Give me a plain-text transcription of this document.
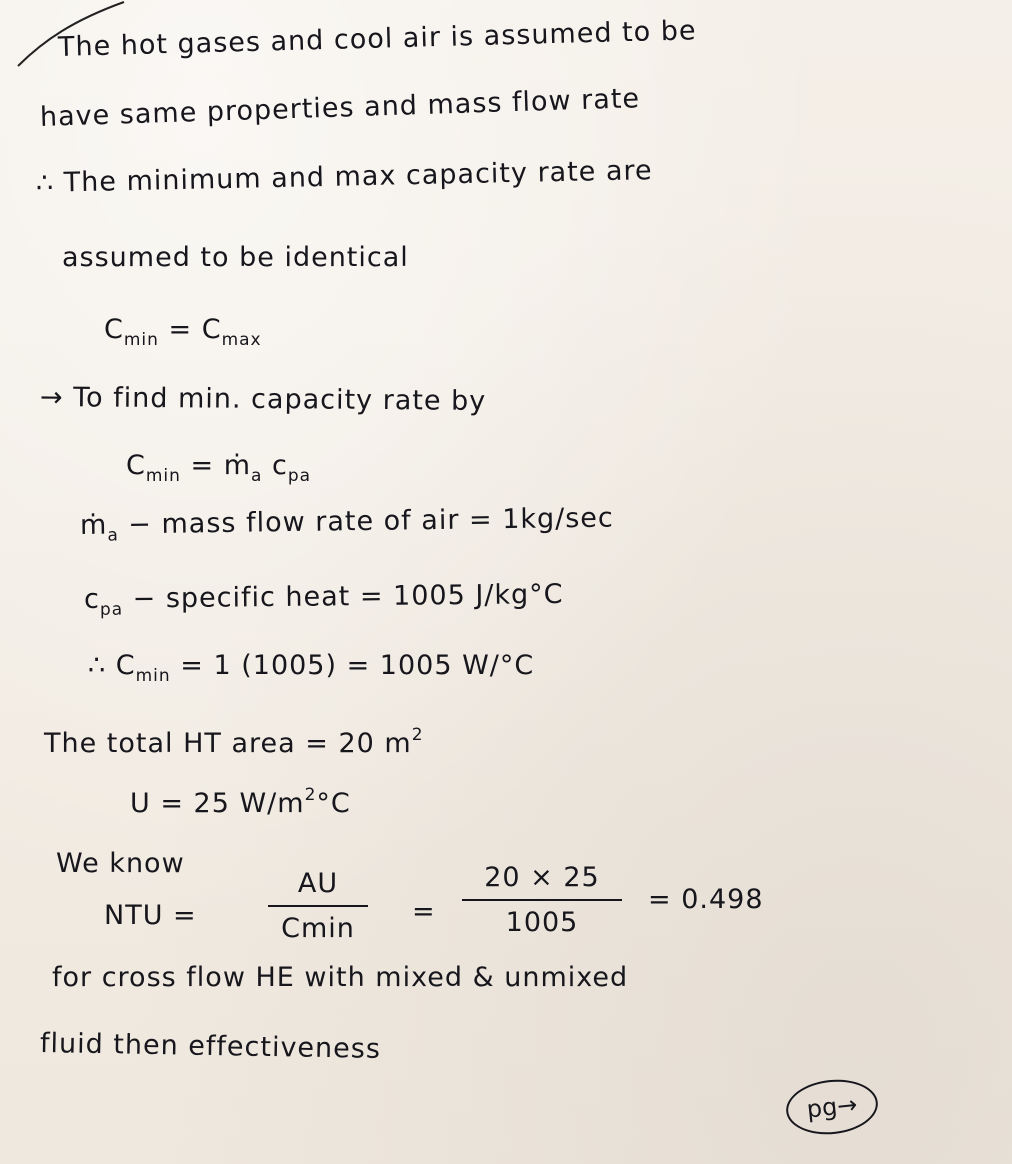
The hot gases and cool air is assumed to be
have same properties and mass flow rate
∴ The minimum and max capacity rate are
assumed to be identical
$C_{min} = C_{max}$
→ To find min. capacity rate by
$C_{min}$ = ṁ$_a$ $c_{pa}$
ṁ$_a$ − mass flow rate of air = 1kg/sec
$c_{pa}$ − specific heat = 1005 J/kg°C
∴ $C_{min} = 1$ (1005) = 1005 W/°C
The total HT area = 20 $m^2$
U = 25 $W/m^2^\circ C$
We know
NTU =
AU
Cmin
=
20 × 25
1005
= 0.498
for cross flow HE with mixed & unmixed
fluid then effectiveness
pg→
